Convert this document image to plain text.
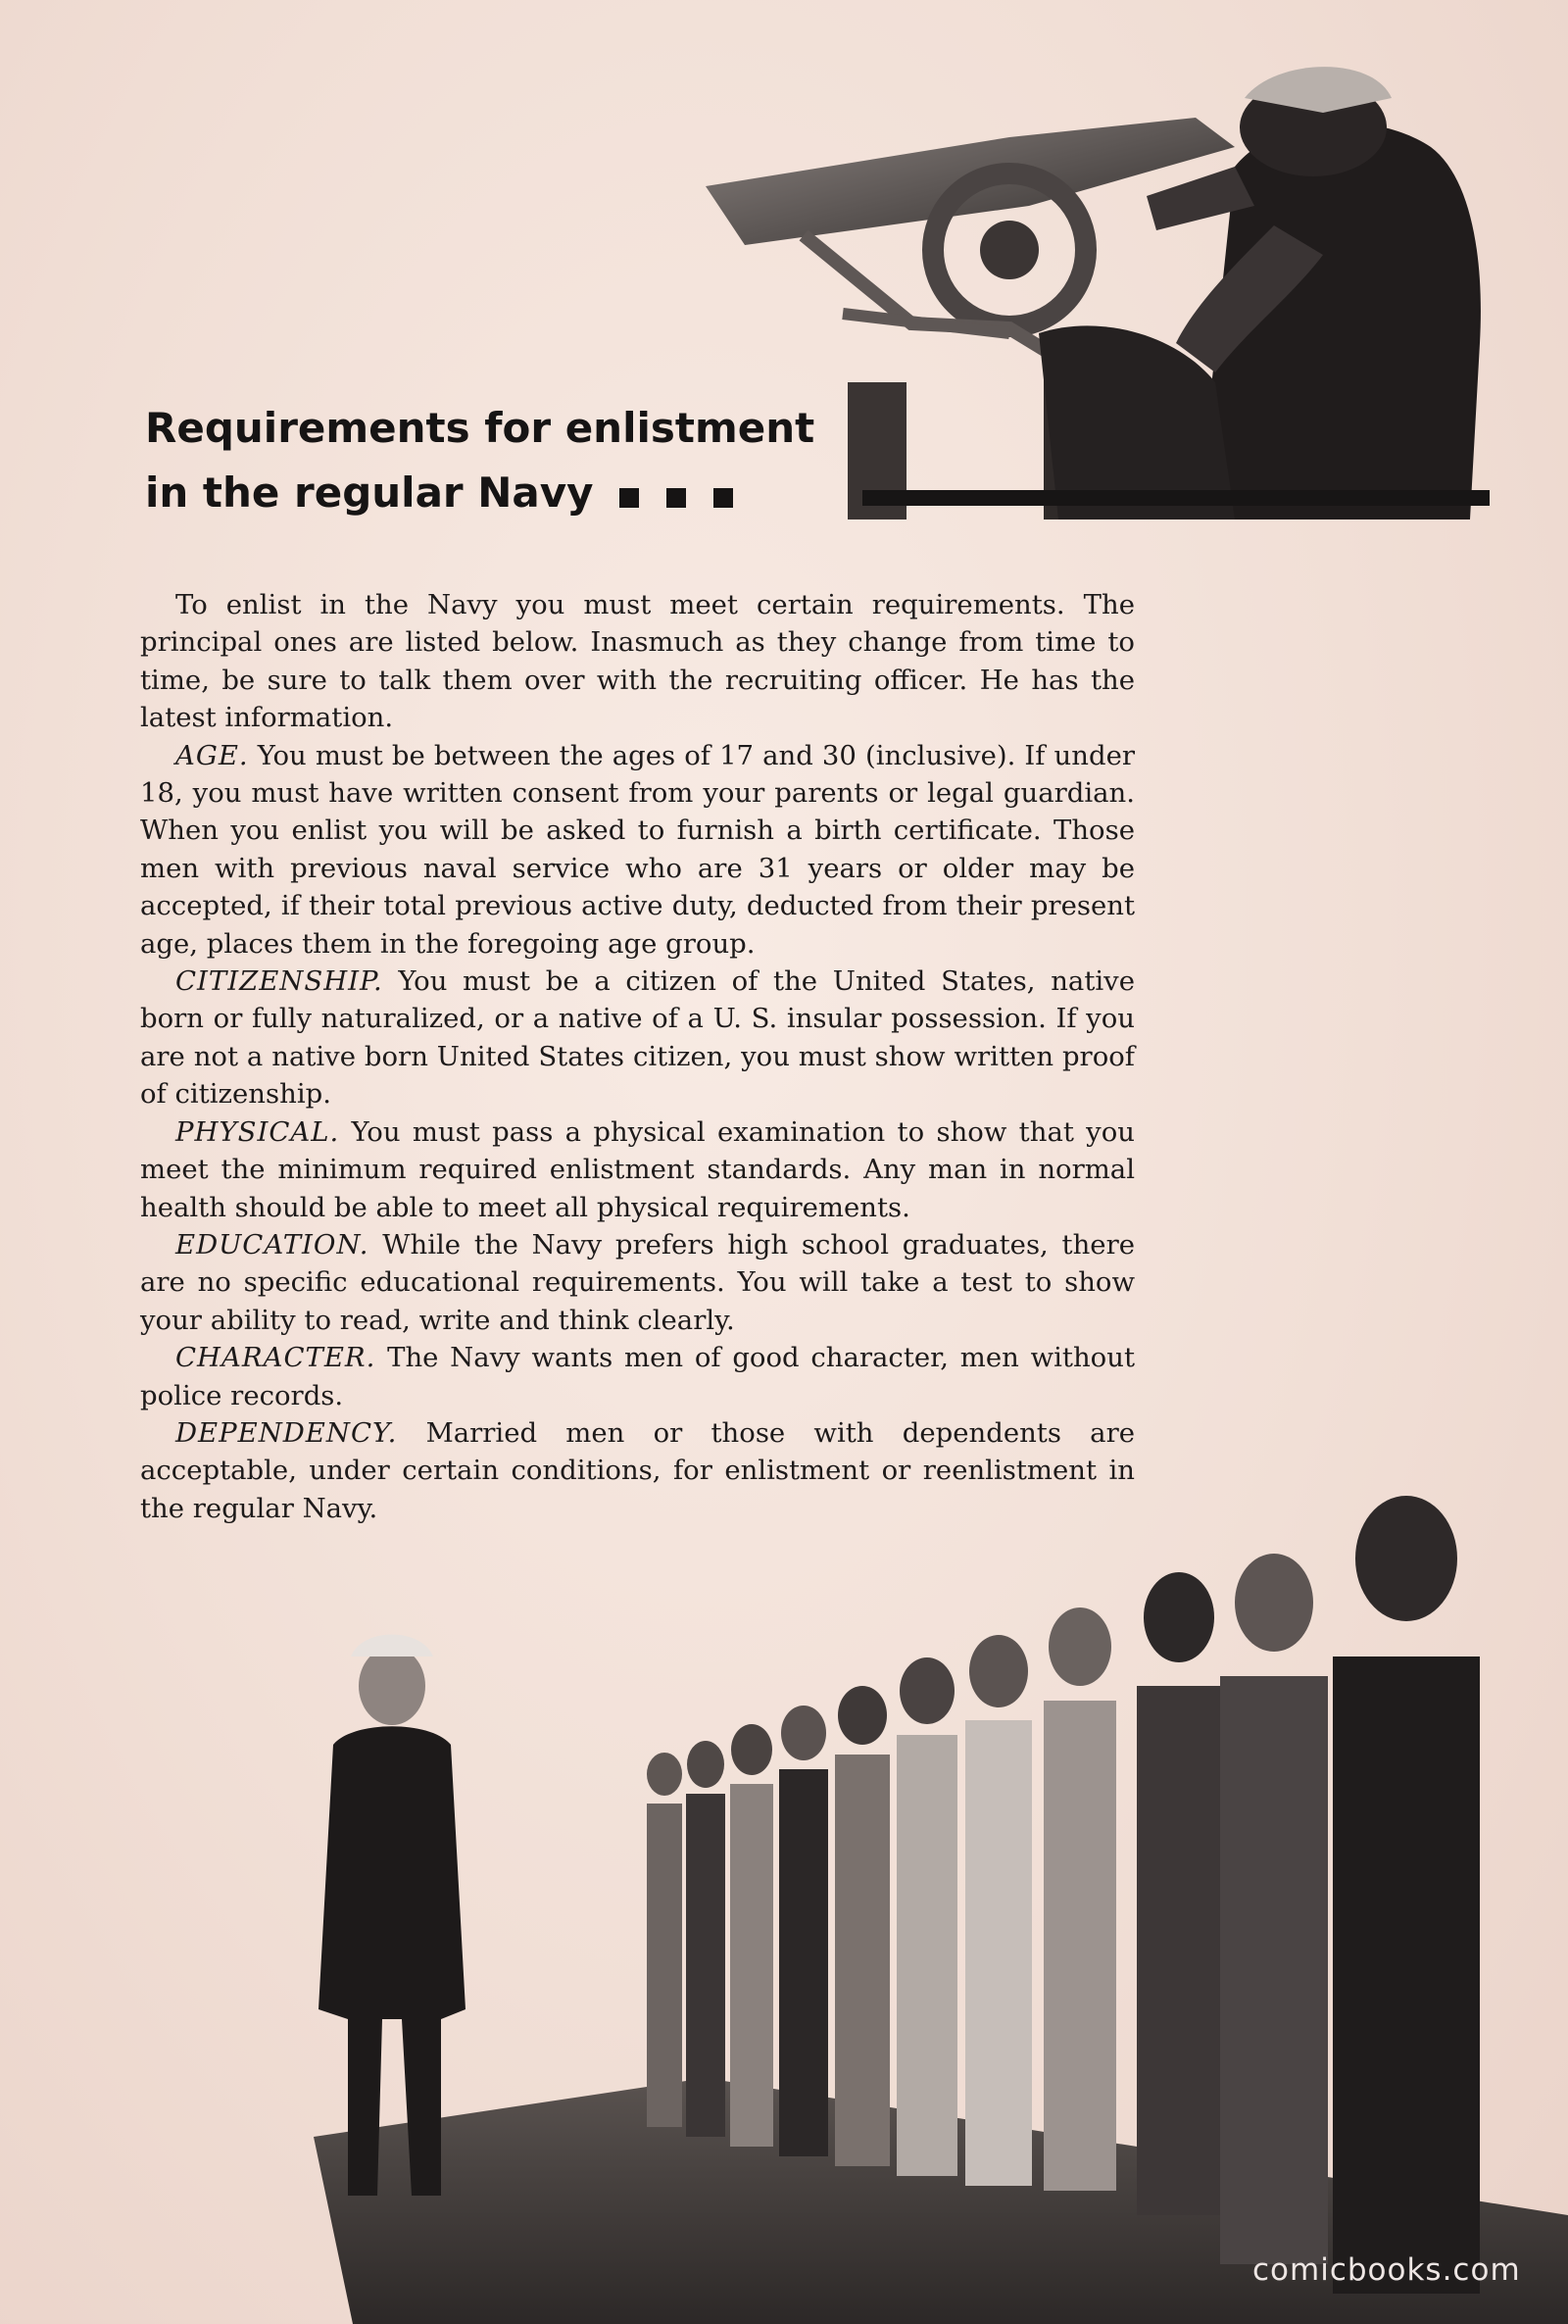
Requirements for enlistment
in the regular Navy

To enlist in the Navy you must meet certain requirements. The principal ones are listed below. Inasmuch as they change from time to time, be sure to talk them over with the recruiting officer. He has the latest information.

AGE. You must be between the ages of 17 and 30 (inclusive). If under 18, you must have written consent from your parents or legal guardian. When you enlist you will be asked to furnish a birth certificate. Those men with previous naval service who are 31 years or older may be accepted, if their total previous active duty, deducted from their present age, places them in the foregoing age group.

CITIZENSHIP. You must be a citizen of the United States, native born or fully naturalized, or a native of a U. S. insular possession. If you are not a native born United States citizen, you must show written proof of citizenship.

PHYSICAL. You must pass a physical examination to show that you meet the minimum required enlistment standards. Any man in normal health should be able to meet all physical requirements.

EDUCATION. While the Navy prefers high school graduates, there are no specific educational requirements. You will take a test to show your ability to read, write and think clearly.

CHARACTER. The Navy wants men of good character, men without police records.

DEPENDENCY. Married men or those with dependents are acceptable, under certain conditions, for enlistment or reenlistment in the regular Navy.

comicbooks.com
